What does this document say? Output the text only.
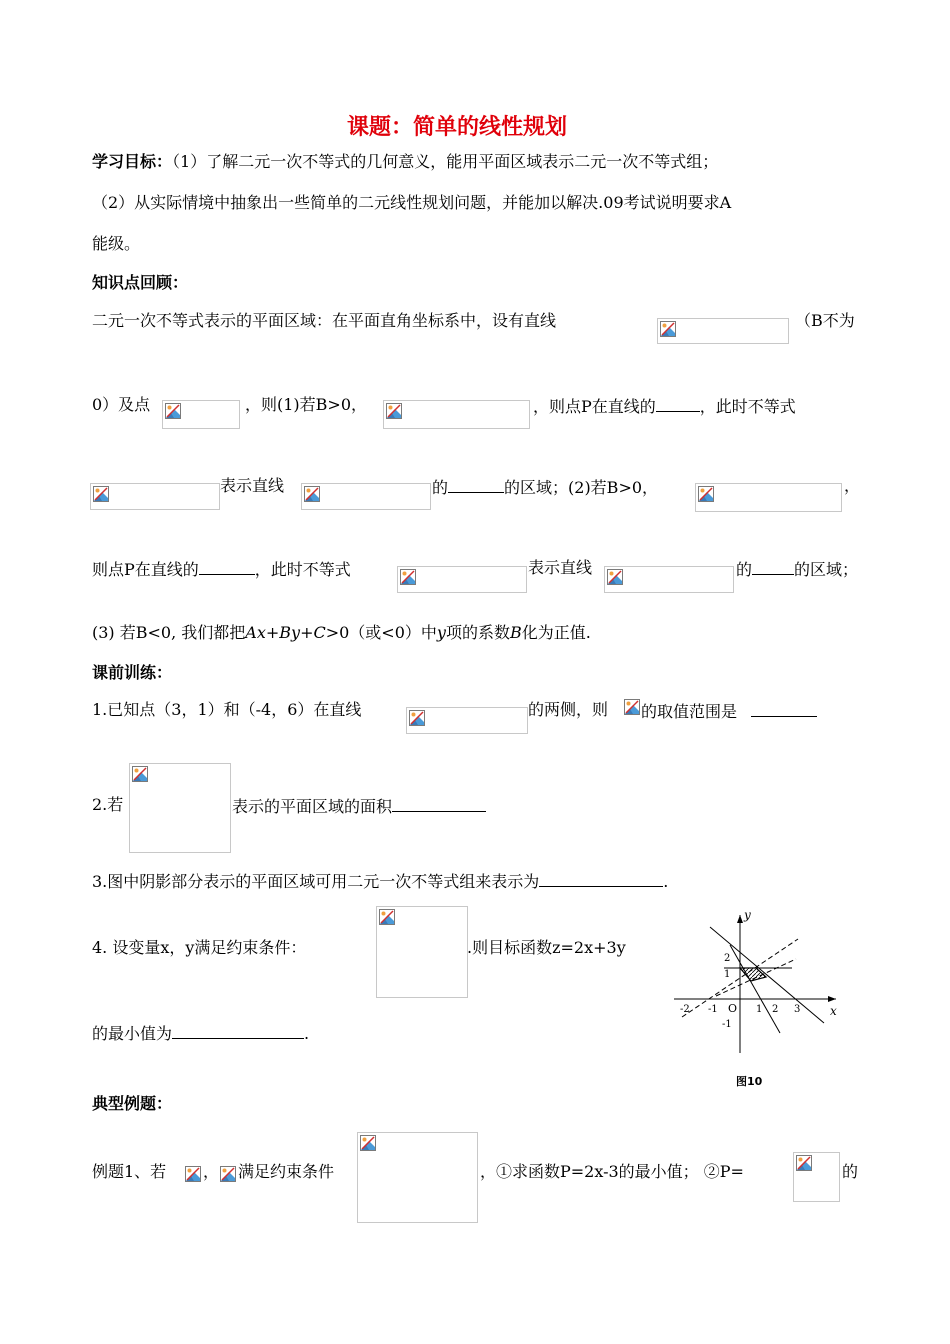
课题：简单的线性规划
学习目标：（1）了解二元一次不等式的几何意义，能用平面区域表示二元一次不等式组；
（2）从实际情境中抽象出一些简单的二元线性规划问题，并能加以解决.09考试说明要求A
能级。
知识点回顾：
二元一次不等式表示的平面区域：在平面直角坐标系中，设有直线	（B不为
0）及点	，则(1)若B>0，	，则点P在直线的	，此时不等式
表示直线	的	的区域；(2)若B>0，	，
则点P在直线的	，此时不等式	表示直线	的	的区域；
(3) 若B<0, 我们都把Ax+By+C>0（或<0）中y项的系数B化为正值.
课前训练：
1.已知点（3，1）和（-4，6）在直线	的两侧，则 的取值范围是
2.若	表示的平面区域的面积
3.图中阴影部分表示的平面区域可用二元一次不等式组来表示为	.
4. 设变量x，y满足约束条件：	.则目标函数z=2x+3y
的最小值为	.
y
x
-2 -1 O 1 2 3
2
1
-1
图10
典型例题：
例题1、若 ， 满足约束条件	，①求函数P=2x-3的最小值； ②P=	的
